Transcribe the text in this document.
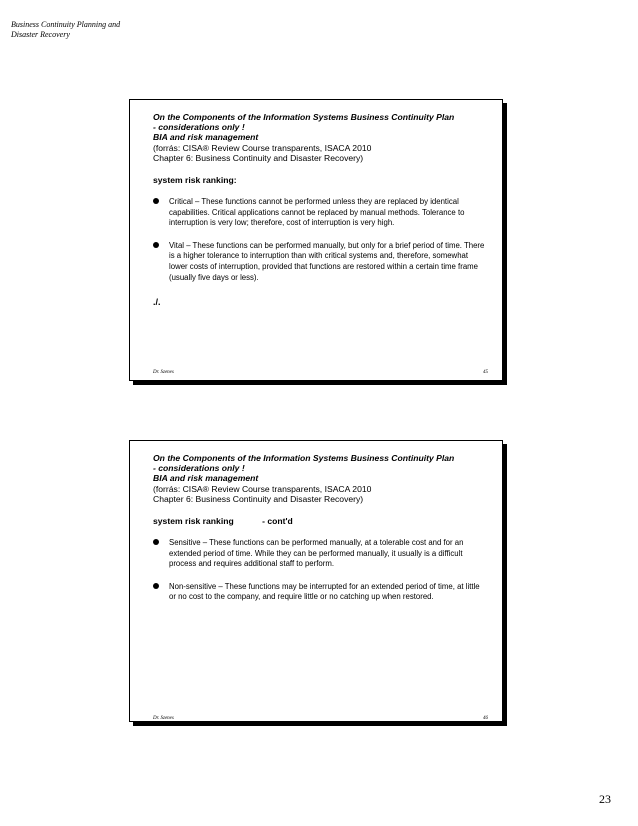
Business Continuity Planning and
Disaster Recovery
On the Components of the Information Systems Business Continuity Plan
- considerations only !
BIA and risk management
(forrás: CISA® Review Course transparents, ISACA 2010
Chapter 6: Business Continuity and Disaster Recovery)
system risk ranking:
Critical – These functions cannot be performed unless they are replaced by identical capabilities. Critical applications cannot be replaced by manual methods. Tolerance to interruption is very low; therefore, cost of interruption is very high.
Vital – These functions can be performed manually, but only for a brief period of time. There is a higher tolerance to interruption than with critical systems and, therefore, somewhat lower costs of interruption, provided that functions are restored within a certain time frame (usually five days or less).
./.
Dr. Szenes	45
On the Components of the Information Systems Business Continuity Plan
- considerations only !
BIA and risk management
(forrás: CISA® Review Course transparents, ISACA 2010
Chapter 6: Business Continuity and Disaster Recovery)
system risk ranking	- cont'd
Sensitive – These functions can be performed manually, at a tolerable cost and for an extended period of time. While they can be performed manually, it usually is a difficult process and requires additional staff to perform.
Non-sensitive – These functions may be interrupted for an extended period of time, at little or no cost to the company, and require little or no catching up when restored.
Dr. Szenes	46
23
